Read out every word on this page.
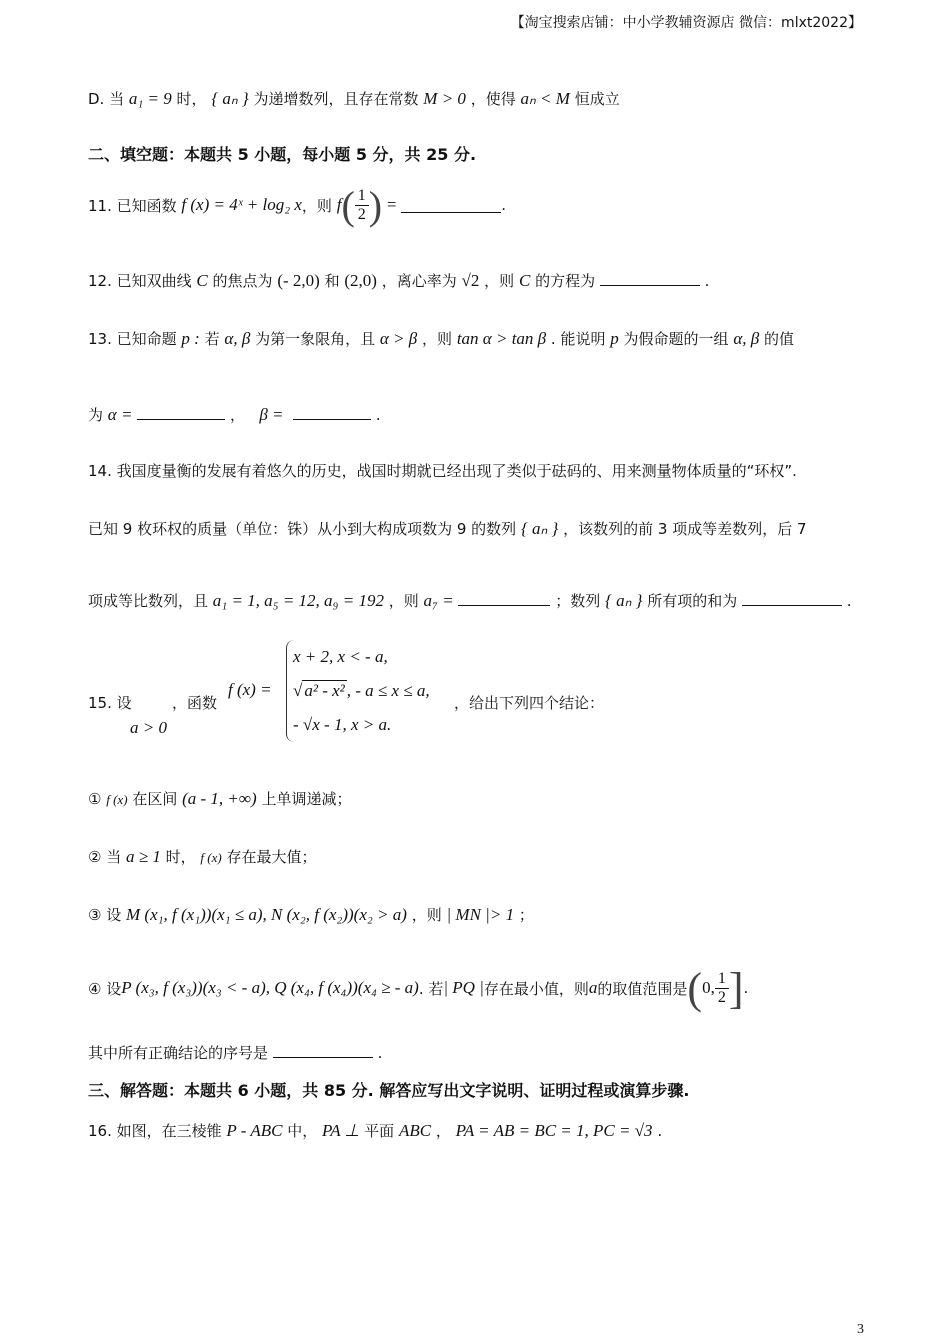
【淘宝搜索店铺：中小学教辅资源店 微信：mlxt2022】
D. 当 a₁ = 9 时， { aₙ } 为递增数列，且存在常数 M > 0 ，使得 aₙ < M 恒成立
二、填空题：本题共 5 小题，每小题 5 分，共 25 分.
11. 已知函数
f (x) = 4ˣ + log₂ x ，则
f ( $\frac{1}{2}$ )
=
	.
12. 已知双曲线 C 的焦点为 (- 2,0) 和 (2,0) ，离心率为 √2 ，则 C 的方程为	.
13. 已知命题 p : 若 α, β 为第一象限角，且 α > β ，则 tan α > tan β . 能说明 p 为假命题的一组 α, β 的值
为 α =	， β =	.
14. 我国度量衡的发展有着悠久的历史，战国时期就已经出现了类似于砝码的、用来测量物体质量的“环权”.
已知 9 枚环权的质量（单位：铢）从小到大构成项数为 9 的数列 { aₙ } ，该数列的前 3 项成等差数列，后 7
项成等比数列，且 a₁ = 1, a₅ = 12, a₉ = 192 ，则 a₇ =	；数列 { aₙ } 所有项的和为	.
15. 设
a > 0
，函数
f (x) =
x + 2, x < - a,
√ a² - x² , - a ≤ x ≤ a,
- √x - 1, x > a.
，给出下列四个结论：
① f (x) 在区间 (a - 1, +∞) 上单调递减；
② 当 a ≥ 1 时， f (x) 存在最大值；
③ 设 M (x₁, f (x₁))(x₁ ≤ a), N (x₂, f (x₂))(x₂ > a) ，则 | MN |> 1 ；
④ 设 P (x₃, f (x₃))(x₃ < - a), Q (x₄, f (x₄))(x₄ ≥ - a) . 若 | PQ | 存在最小值，则 a 的取值范围是 ( 0, $\frac{1}{2}$ ] .
其中所有正确结论的序号是	.
三、解答题：本题共 6 小题，共 85 分. 解答应写出文字说明、证明过程或演算步骤.
16. 如图，在三棱锥 P - ABC 中， PA ⊥ 平面 ABC ， PA = AB = BC = 1, PC = √3 .
3
